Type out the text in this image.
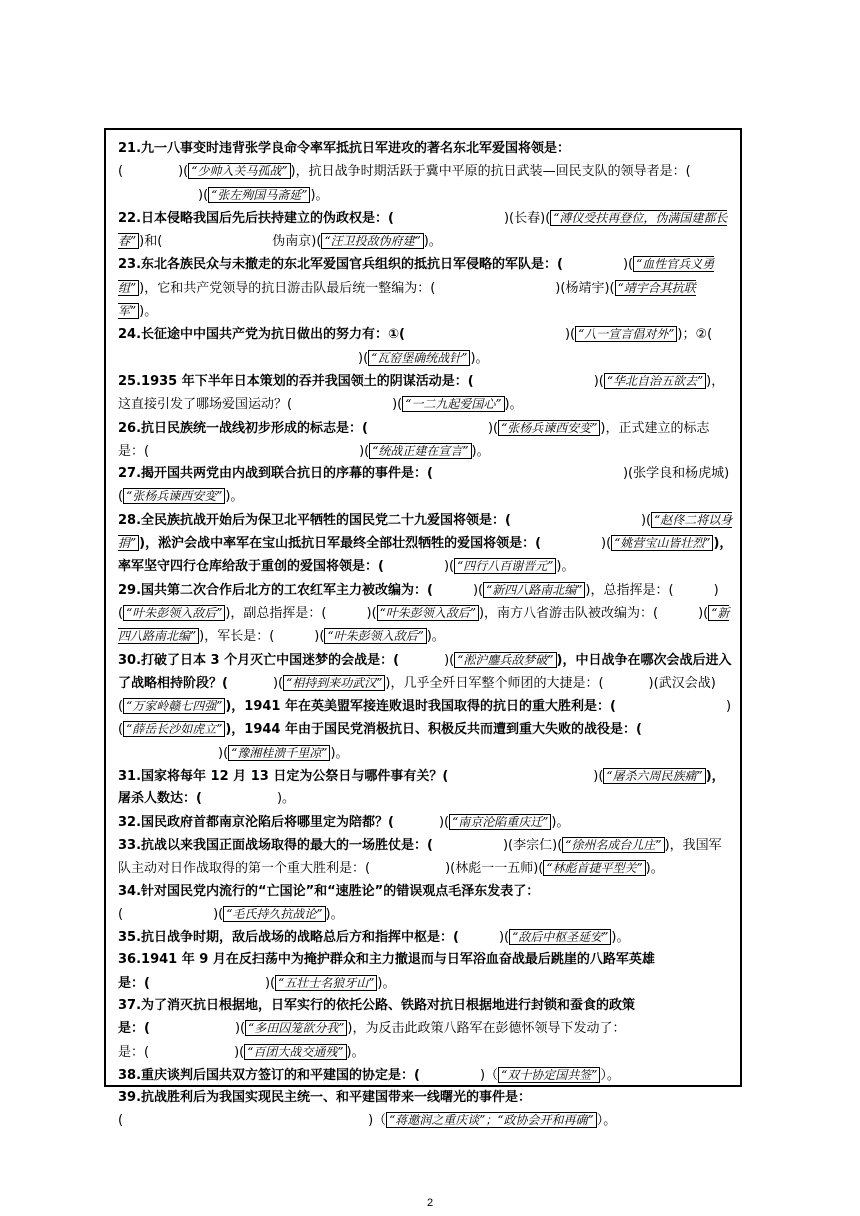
21.九一八事变时违背张学良命令率军抵抗日军进攻的著名东北军爱国将领是：
(	)( “少帅入关马孤战” )，抗日战争时期活跃于冀中平原的抗日武装—回民支队的领导者是：()( “张左殉国马斋延” )。

22.日本侵略我国后先后扶持建立的伪政权是：(	)(长春)( “溥仪受扶再登位，伪满国建都长春” )和(	伪南京)( “汪卫投敌伪府建” )。

23.东北各族民众与未撤走的东北军爱国官兵组织的抵抗日军侵略的军队是：(	)( “血性官兵义勇组” )，它和共产党领导的抗日游击队最后统一整编为：(	)(杨靖宇)( “靖宇合其抗联军” )。

24.长征途中中国共产党为抗日做出的努力有：①(	)( “八一宣言倡对外” )；②()( “瓦窑堡确统战针” )。

25.1935 年下半年日本策划的吞并我国领土的阴谋活动是：(	)( “华北自治五欲去” )，这直接引发了哪场爱国运动？(	)( “一二九起爱国心” )。

26.抗日民族统一战线初步形成的标志是：(	)( “张杨兵谏西安变” )，正式建立的标志是：(	)( “统战正建在宣言” )。

27.揭开国共两党由内战到联合抗日的序幕的事件是：(	)(张学良和杨虎城)( “张杨兵谏西安变” )。

28.全民族抗战开始后为保卫北平牺牲的国民党二十九爱国将领是：(	)( “赵佟二将以身捐” )，淞沪会战中率军在宝山抵抗日军最终全部壮烈牺牲的爱国将领是：(	)( “姚营宝山皆壮烈” )，率军坚守四行仓库给敌于重创的爱国将领是：(	)( “四行八百谢晋元” )。

29.国共第二次合作后北方的工农红军主力被改编为：(	)( “新四八路南北编” )，总指挥是：(	)( “叶朱彭领入敌后” )，副总指挥是：(	)( “叶朱彭领入敌后” )，南方八省游击队被改编为：(	)( “新四八路南北编” )，军长是：(	)( “叶朱彭领入敌后” )。

30.打破了日本 3 个月灭亡中国迷梦的会战是：(	)( “淞沪鏖兵敌梦破” )，中日战争在哪次会战后进入了战略相持阶段？(	)( “相持到来功武汉” )，几乎全歼日军整个师团的大捷是：(	)(武汉会战)( “万家岭赣七四强” )，1941 年在英美盟军接连败退时我国取得的抗日的重大胜利是：(	)( “薛岳长沙如虎立” )，1944 年由于国民党消极抗日、积极反共而遭到重大失败的战役是：()( “豫湘桂溃千里凉” )。

31.国家将每年 12 月 13 日定为公祭日与哪件事有关？(	)( “屠杀六周民族痛” )，屠杀人数达：(	)。

32.国民政府首都南京沦陷后将哪里定为陪都？(	)( “南京沦陷重庆迁” )。

33.抗战以来我国正面战场取得的最大的一场胜仗是：(	)(李宗仁)( “徐州名成台儿庄” )，我国军队主动对日作战取得的第一个重大胜利是：(	)(林彪一一五师)( “林彪首捷平型关” )。

34.针对国民党内流行的“亡国论”和“速胜论”的错误观点毛泽东发表了：
(	)( “毛氏持久抗战论” )。

35.抗日战争时期，敌后战场的战略总后方和指挥中枢是：(	)( “敌后中枢圣延安” )。

36.1941 年 9 月在反扫荡中为掩护群众和主力撤退而与日军浴血奋战最后跳崖的八路军英雄
是：(	)( “五壮士名狼牙山” )。

37.为了消灭抗日根据地，日军实行的依托公路、铁路对抗日根据地进行封锁和蚕食的政策
是：(	)( “多田囚笼欲分我” )，为反击此政策八路军在彭德怀领导下发动了：
是：(	)( “百团大战交通残” )。

38.重庆谈判后国共双方签订的和平建国的协定是：(	)（ “双十协定国共签” ）。

39.抗战胜利后为我国实现民主统一、和平建国带来一线曙光的事件是：
(	)（ “蒋邀润之重庆谈”；“政协会开和再确” ）。

2
